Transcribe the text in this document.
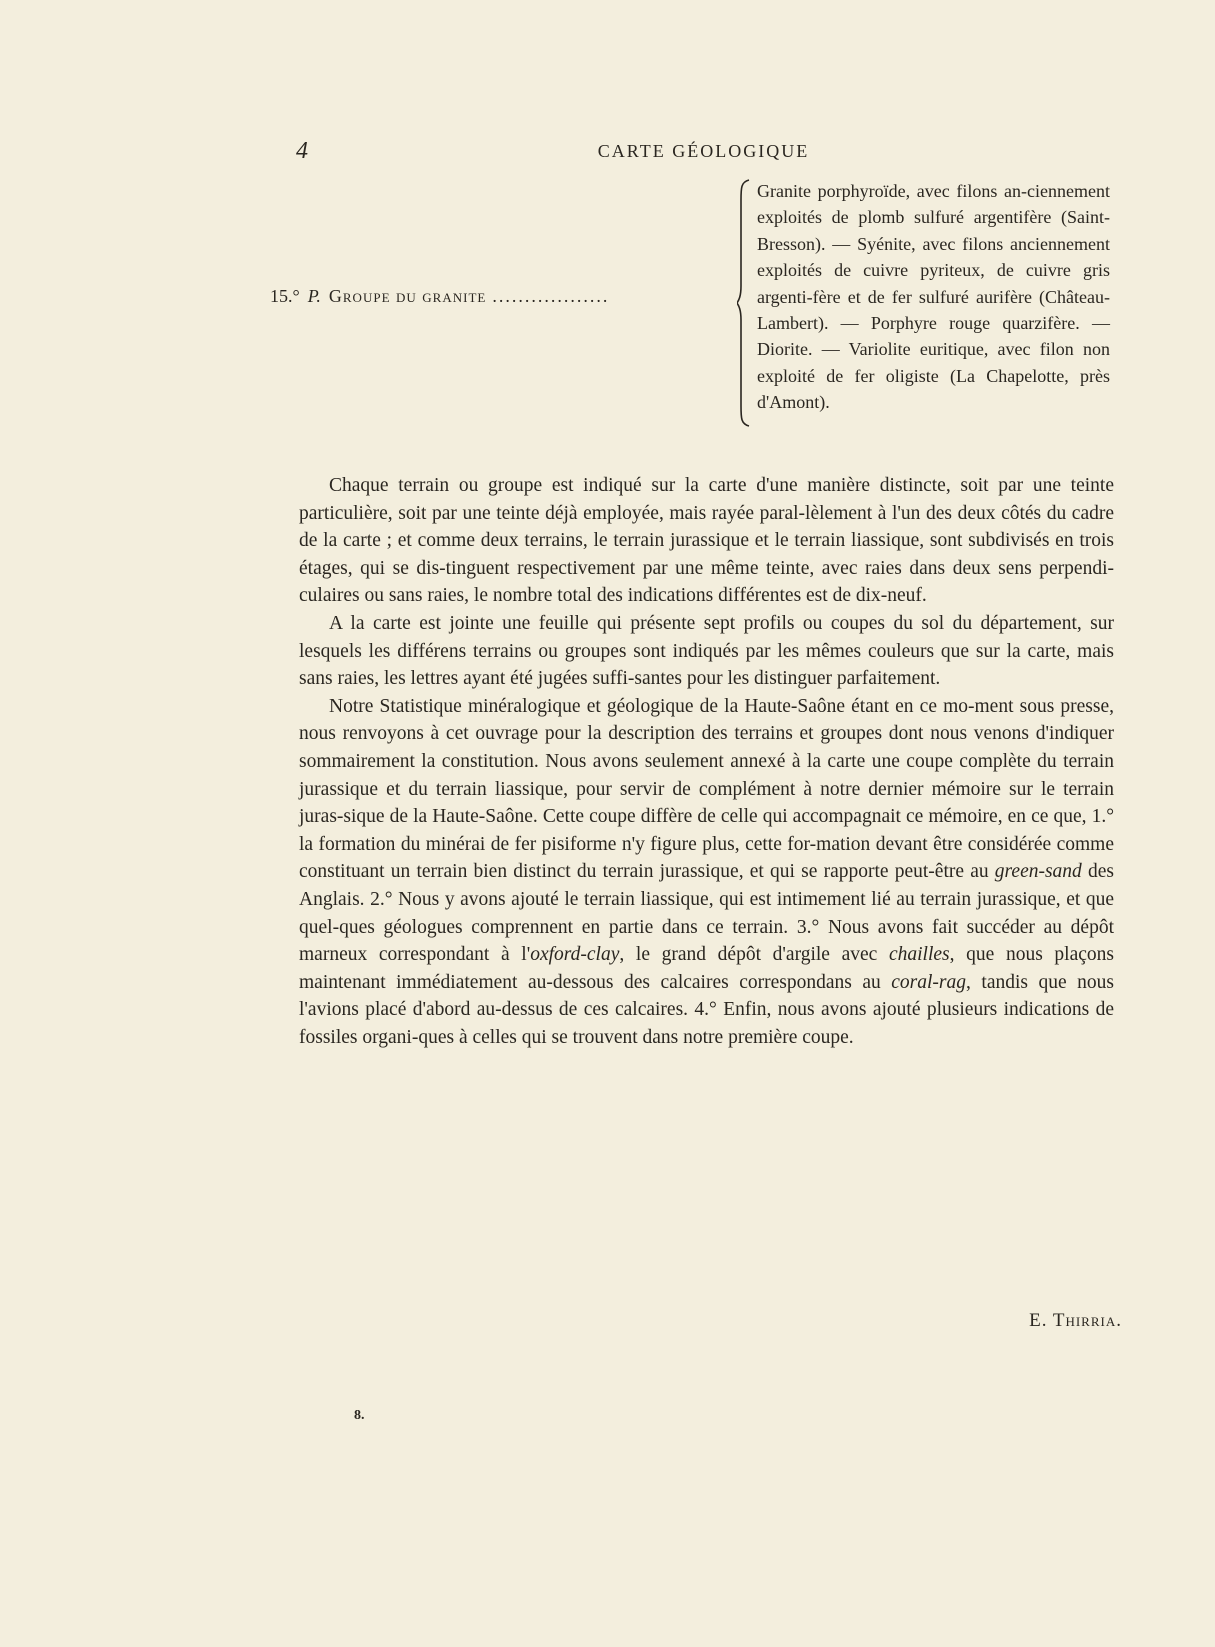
4	CARTE GÉOLOGIQUE
15.° P. Groupe du granite ..................
Granite porphyroïde, avec filons an-ciennement exploités de plomb sulfuré argentifère (Saint-Bresson). — Syénite, avec filons anciennement exploités de cuivre pyriteux, de cuivre gris argenti-fère et de fer sulfuré aurifère (Château-Lambert). — Porphyre rouge quarzifère. — Diorite. — Variolite euritique, avec filon non exploité de fer oligiste (La Chapelotte, près d'Amont).

Chaque terrain ou groupe est indiqué sur la carte d'une manière distincte, soit par une teinte particulière, soit par une teinte déjà employée, mais rayée paral-lèlement à l'un des deux côtés du cadre de la carte ; et comme deux terrains, le terrain jurassique et le terrain liassique, sont subdivisés en trois étages, qui se dis-tinguent respectivement par une même teinte, avec raies dans deux sens perpendi-culaires ou sans raies, le nombre total des indications différentes est de dix-neuf.

A la carte est jointe une feuille qui présente sept profils ou coupes du sol du département, sur lesquels les différens terrains ou groupes sont indiqués par les mêmes couleurs que sur la carte, mais sans raies, les lettres ayant été jugées suffi-santes pour les distinguer parfaitement.

Notre Statistique minéralogique et géologique de la Haute-Saône étant en ce mo-ment sous presse, nous renvoyons à cet ouvrage pour la description des terrains et groupes dont nous venons d'indiquer sommairement la constitution. Nous avons seulement annexé à la carte une coupe complète du terrain jurassique et du terrain liassique, pour servir de complément à notre dernier mémoire sur le terrain juras-sique de la Haute-Saône. Cette coupe diffère de celle qui accompagnait ce mémoire, en ce que, 1.° la formation du minérai de fer pisiforme n'y figure plus, cette for-mation devant être considérée comme constituant un terrain bien distinct du terrain jurassique, et qui se rapporte peut-être au green-sand des Anglais. 2.° Nous y avons ajouté le terrain liassique, qui est intimement lié au terrain jurassique, et que quel-ques géologues comprennent en partie dans ce terrain. 3.° Nous avons fait succéder au dépôt marneux correspondant à l'oxford-clay, le grand dépôt d'argile avec chailles, que nous plaçons maintenant immédiatement au-dessous des calcaires correspondans au coral-rag, tandis que nous l'avions placé d'abord au-dessus de ces calcaires. 4.° Enfin, nous avons ajouté plusieurs indications de fossiles organi-ques à celles qui se trouvent dans notre première coupe.

E. Thirria.
8.
